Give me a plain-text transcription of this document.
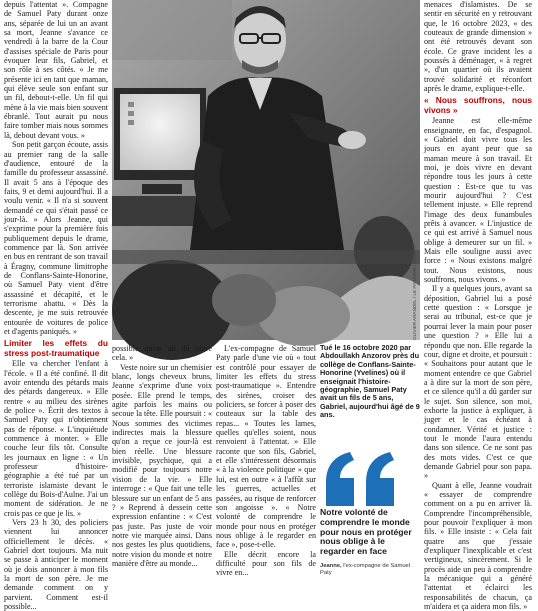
depuis l'attentat ». Compagne de Samuel Paty durant onze ans, séparée de lui un an avant sa mort, Jeanne s'avance ce vendredi à la barre de la Cour d'assises spéciale de Paris pour évoquer leur fils, Gabriel, et son rôle à ses côtés. « Je me présente ici en tant que maman, qui élève seule son enfant sur un fil, debout-t-elle. Un fil qui mène à la vie mais bien souvent ébranlé. Tout aurait pu nous faire tomber mais nous sommes là, debout devant vous. »

Son petit garçon écoute, assis au premier rang de la salle d'audience, entouré de la famille du professeur assassiné. Il avait 5 ans à l'époque des faits, 9 et demi aujourd'hui. Il a voulu venir. « Il n'a si souvent demandé ce qui s'était passé ce jour-là. » Alors Jeanne, qui s'exprime pour la première fois publiquement depuis le drame, commence par là. Son arrivée en bus en rentrant de son travail à Éragny, commune limitrophe de Conflans-Sainte-Honorine, où Samuel Paty vient d'être assassiné et décapité, et le terrorisme abattu. « Dès la descente, je me suis retrouvée entourée de voitures de police et d'agents paniqués. »

Limiter les effets du stress post-traumatique

Elle va chercher l'enfant à l'école. « Il a été confiné. Il dit avoir entendu des pétards mais des pétards dangereux. » Elle rentre « au milieu des sirènes de police ». Écrit des textos à Samuel Paty qui n'obtiennent pas de réponse. « L'inquiétude commence à monter. » Elle couche leur fils tôt. Consulte les journaux en ligne : « Un professeur d'histoire-géographie a été tué par un terroriste islamiste devant le collège du Bois-d'Aulne. J'ai un moment de sidération. Je ne crois pas ce que je lis. »

Vers 23 h 30, des policiers viennent lui annoncer officiellement le décès. « Gabriel dort toujours. Ma nuit se passe à anticiper le moment où je dois annoncer à mon fils la mort de son père. Je me demande comment on y parvient. Comment est-il possible...

OLIVIER ARANDEL / LE PARISIEN / MAXPPP

possible qu'on ait dû vivre cela. »

Veste noire sur un chemisier blanc, longs cheveux bruns, Jeanne s'exprime d'une voix posée. Elle prend le temps, agite parfois les mains ou secoue la tête. Elle poursuit : « Nous sommes des victimes indirectes mais la blessure qu'on a reçue ce jour-là est bien réelle. Une blessure invisible, psychique, qui a modifié pour toujours notre vision de la vie. » Elle interroge : « Que fait une telle blessure sur un enfant de 5 ans ? » Reprend à dessein cette expression enfantine : « C'est pas juste. Pas juste de voir notre vie marquée ainsi. Dans nos gestes les plus quotidiens, notre vision du monde et notre manière d'être au monde...

L'ex-compagne de Samuel Paty parle d'une vie où « tout est contrôlé pour essayer de limiter les effets du stress post-traumatique ». Entendre des sirènes, croiser des policiers, se forcer à poser des couteaux sur la table des repas... « Toutes les lames, quelles qu'elles soient, nous renvoient à l'attentat. » Elle raconte que son fils, Gabriel, et elle s'intéressent désormais « à la violence politique » que lui, est en outre « à l'affût sur les guerres, actuelles et passées, au risque de renforcer son angoisse ». « Notre volonté de comprendre le monde pour nous en protéger nous oblige à le regarder en face », pose-t-elle.

Elle décrit encore la difficulté pour son fils de vivre en...

Tué le 16 octobre 2020 par Abdoullakh Anzorov près du collège de Conflans-Sainte-Honorine (Yvelines) où il enseignait l'histoire-géographie, Samuel Paty avait un fils de 5 ans, Gabriel, aujourd'hui âgé de 9 ans.
Notre volonté de comprendre le monde pour nous en protéger nous oblige à le regarder en face
Jeanne, l'ex-compagne de Samuel Paty

menaces d'islamistes. De se sentir en sécurité en y retrouvant que, le 16 octobre 2023, « des couteaux de grande dimension » ont été retrouvés devant son école. Ce grave incident les a poussés à déménager, « à regret », d'un quartier où ils avaient trouvé solidarité et réconfort après le drame, explique-t-elle.

« Nous souffrons, nous vivons »

Jeanne est elle-même enseignante, en fac, d'espagnol. « Gabriel doit vivre tous les jours en ayant peur que sa maman meure à son travail. Et moi, je dois vivre en devant répondre tous les jours à cette question : Est-ce que tu vas mourir aujourd'hui ? C'est tellement injuste. » Elle reprend l'image des deux funambules prêts à avancer. « L'injustice de ce qui est arrivé à Samuel nous oblige à demeurer sur un fil. » Mais elle souligne aussi avec force : « Nous existons malgré tout. Nous existons, nous souffrons, nous vivons. »

Il y a quelques jours, avant sa déposition, Gabriel lui a posé cette question : « Lorsque je serai au tribunal, est-ce que je pourrai lever la main pour poser une question ? » Elle lui a répondu que non. Elle regarde la cour, digne et droite, et poursuit : « Souhaitons pour autant que le moment entendre ce que Gabriel a à dire sur la mort de son père, et ce silence qu'il a dû garder sur le sujet. Son silence, son moi, exhorte la justice à expliquer, à juger et le cas échéant à condamner. Vérité et justice : tout le monde l'aura entendu dans son silence. Ce ne sont pas des mots vides. C'est ce que demande Gabriel pour son papa. »

Quant à elle, Jeanne voudrait « essayer de comprendre comment on a pu en arriver là. Comprendre l'incompréhensible, pour pouvoir l'expliquer à mon fils. » Elle insiste : « Cela fait quatre ans que j'essaie d'expliquer l'inexplicable et c'est vertigineux, sincèrement. Si le procès aide un peu à comprendre la mécanique qui a généré l'attentat et éclairci les responsabilités de chacun, ça m'aidera et ça aidera mon fils. »
